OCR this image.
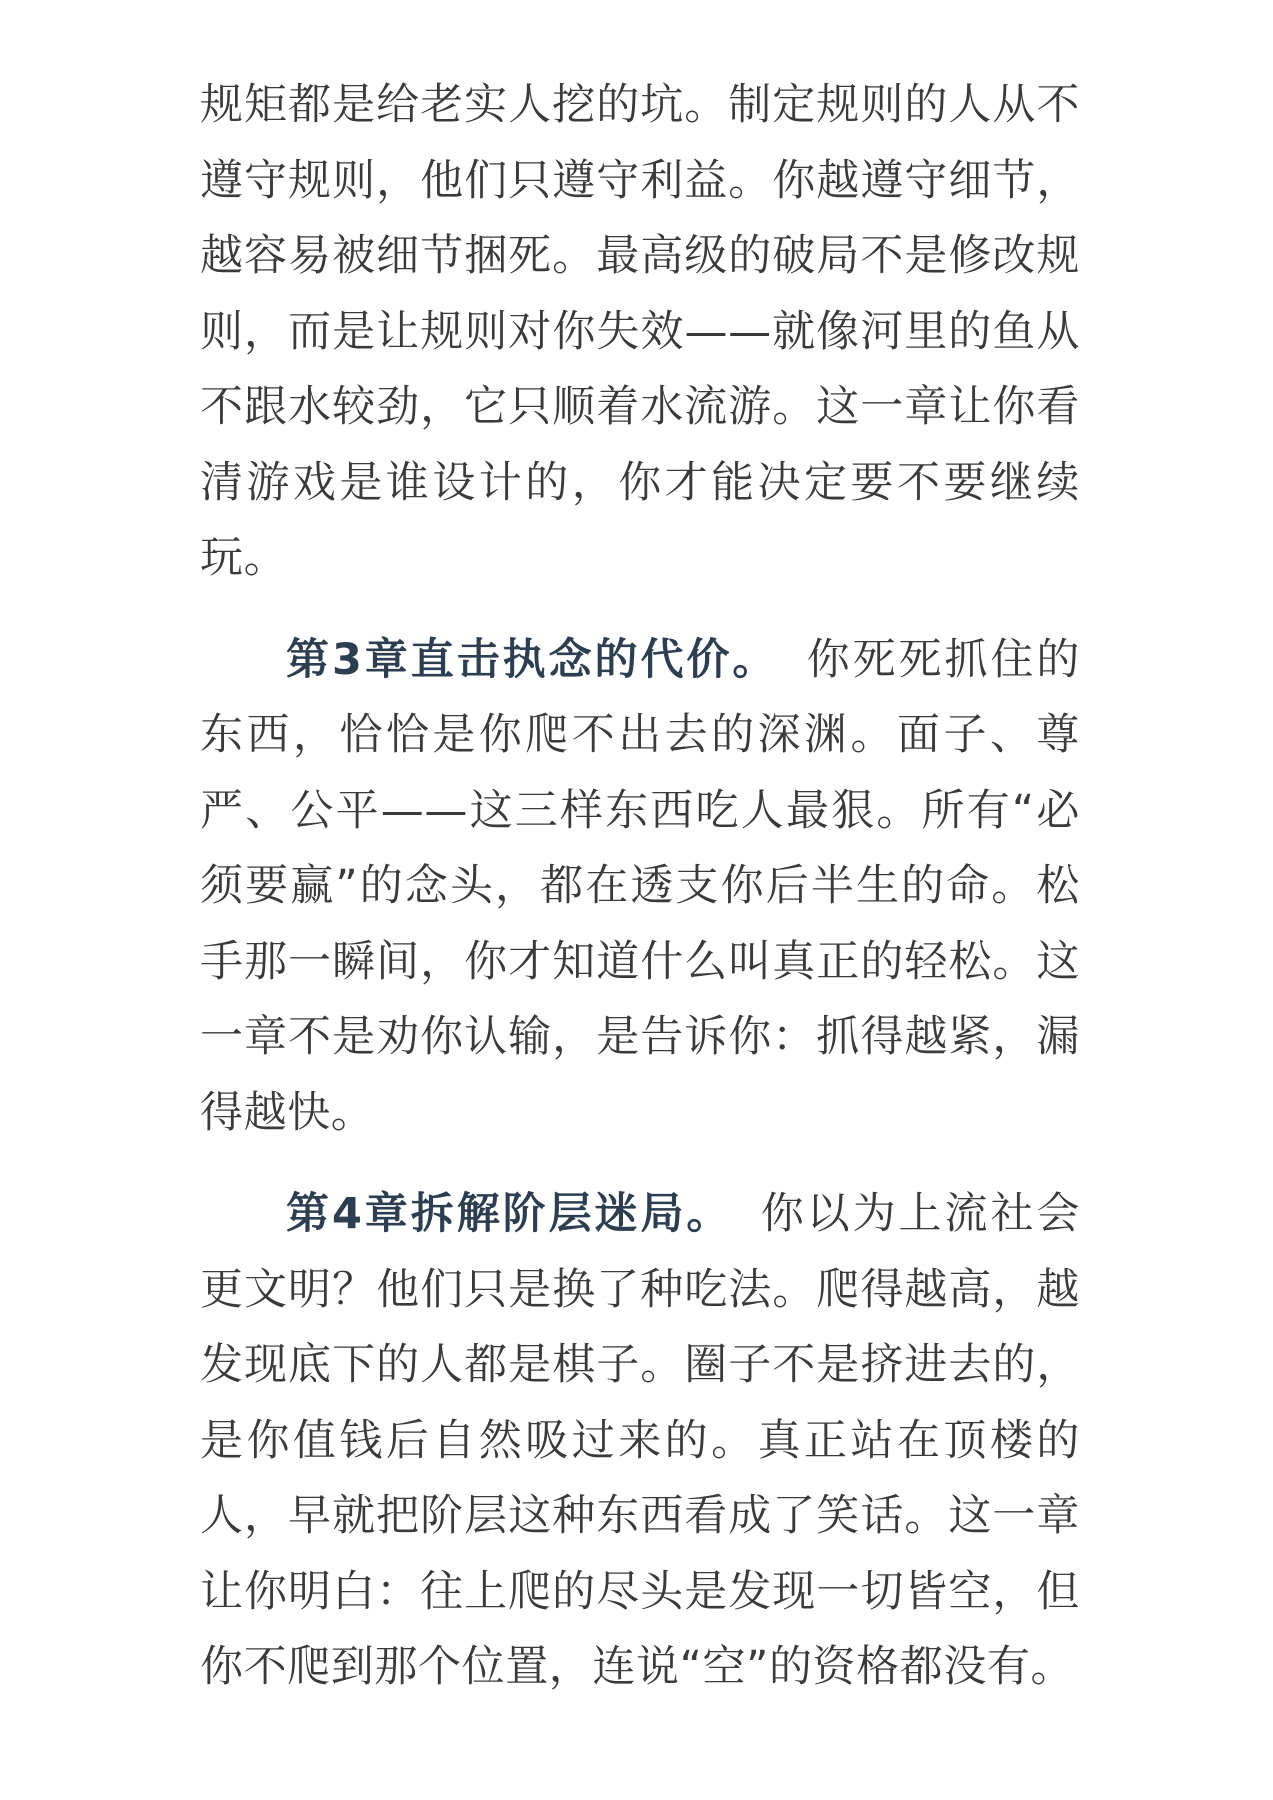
规矩都是给老实人挖的坑。制定规则的人从不遵守规则，他们只遵守利益。你越遵守细节，越容易被细节捆死。最高级的破局不是修改规则，而是让规则对你失效——就像河里的鱼从不跟水较劲，它只顺着水流游。这一章让你看清游戏是谁设计的，你才能决定要不要继续玩。

第3章直击执念的代价。 你死死抓住的东西，恰恰是你爬不出去的深渊。面子、尊严、公平——这三样东西吃人最狠。所有“必须要赢”的念头，都在透支你后半生的命。松手那一瞬间，你才知道什么叫真正的轻松。这一章不是劝你认输，是告诉你：抓得越紧，漏得越快。

第4章拆解阶层迷局。 你以为上流社会更文明？他们只是换了种吃法。爬得越高，越发现底下的人都是棋子。圈子不是挤进去的，是你值钱后自然吸过来的。真正站在顶楼的人，早就把阶层这种东西看成了笑话。这一章让你明白：往上爬的尽头是发现一切皆空，但你不爬到那个位置，连说“空”的资格都没有。
